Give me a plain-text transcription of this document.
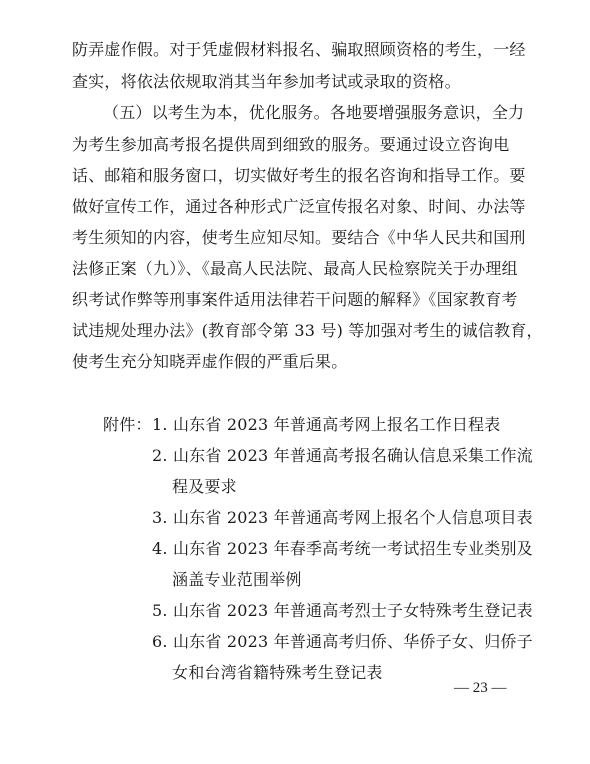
防弄虚作假。对于凭虚假材料报名、骗取照顾资格的考生，一经
查实，将依法依规取消其当年参加考试或录取的资格。
（五）以考生为本，优化服务。各地要增强服务意识，全力
为考生参加高考报名提供周到细致的服务。要通过设立咨询电
话、邮箱和服务窗口，切实做好考生的报名咨询和指导工作。要
做好宣传工作，通过各种形式广泛宣传报名对象、时间、办法等
考生须知的内容，使考生应知尽知。要结合《中华人民共和国刑
法修正案（九）》、《最高人民法院、最高人民检察院关于办理组
织考试作弊等刑事案件适用法律若干问题的解释》《国家教育考
试违规处理办法》(教育部令第 33 号) 等加强对考生的诚信教育，
使考生充分知晓弄虚作假的严重后果。
附件： 1. 山东省 2023 年普通高考网上报名工作日程表
2. 山东省 2023 年普通高考报名确认信息采集工作流
程及要求
3. 山东省 2023 年普通高考网上报名个人信息项目表
4. 山东省 2023 年春季高考统一考试招生专业类别及
涵盖专业范围举例
5. 山东省 2023 年普通高考烈士子女特殊考生登记表
6. 山东省 2023 年普通高考归侨、华侨子女、归侨子
女和台湾省籍特殊考生登记表
— 23 —
